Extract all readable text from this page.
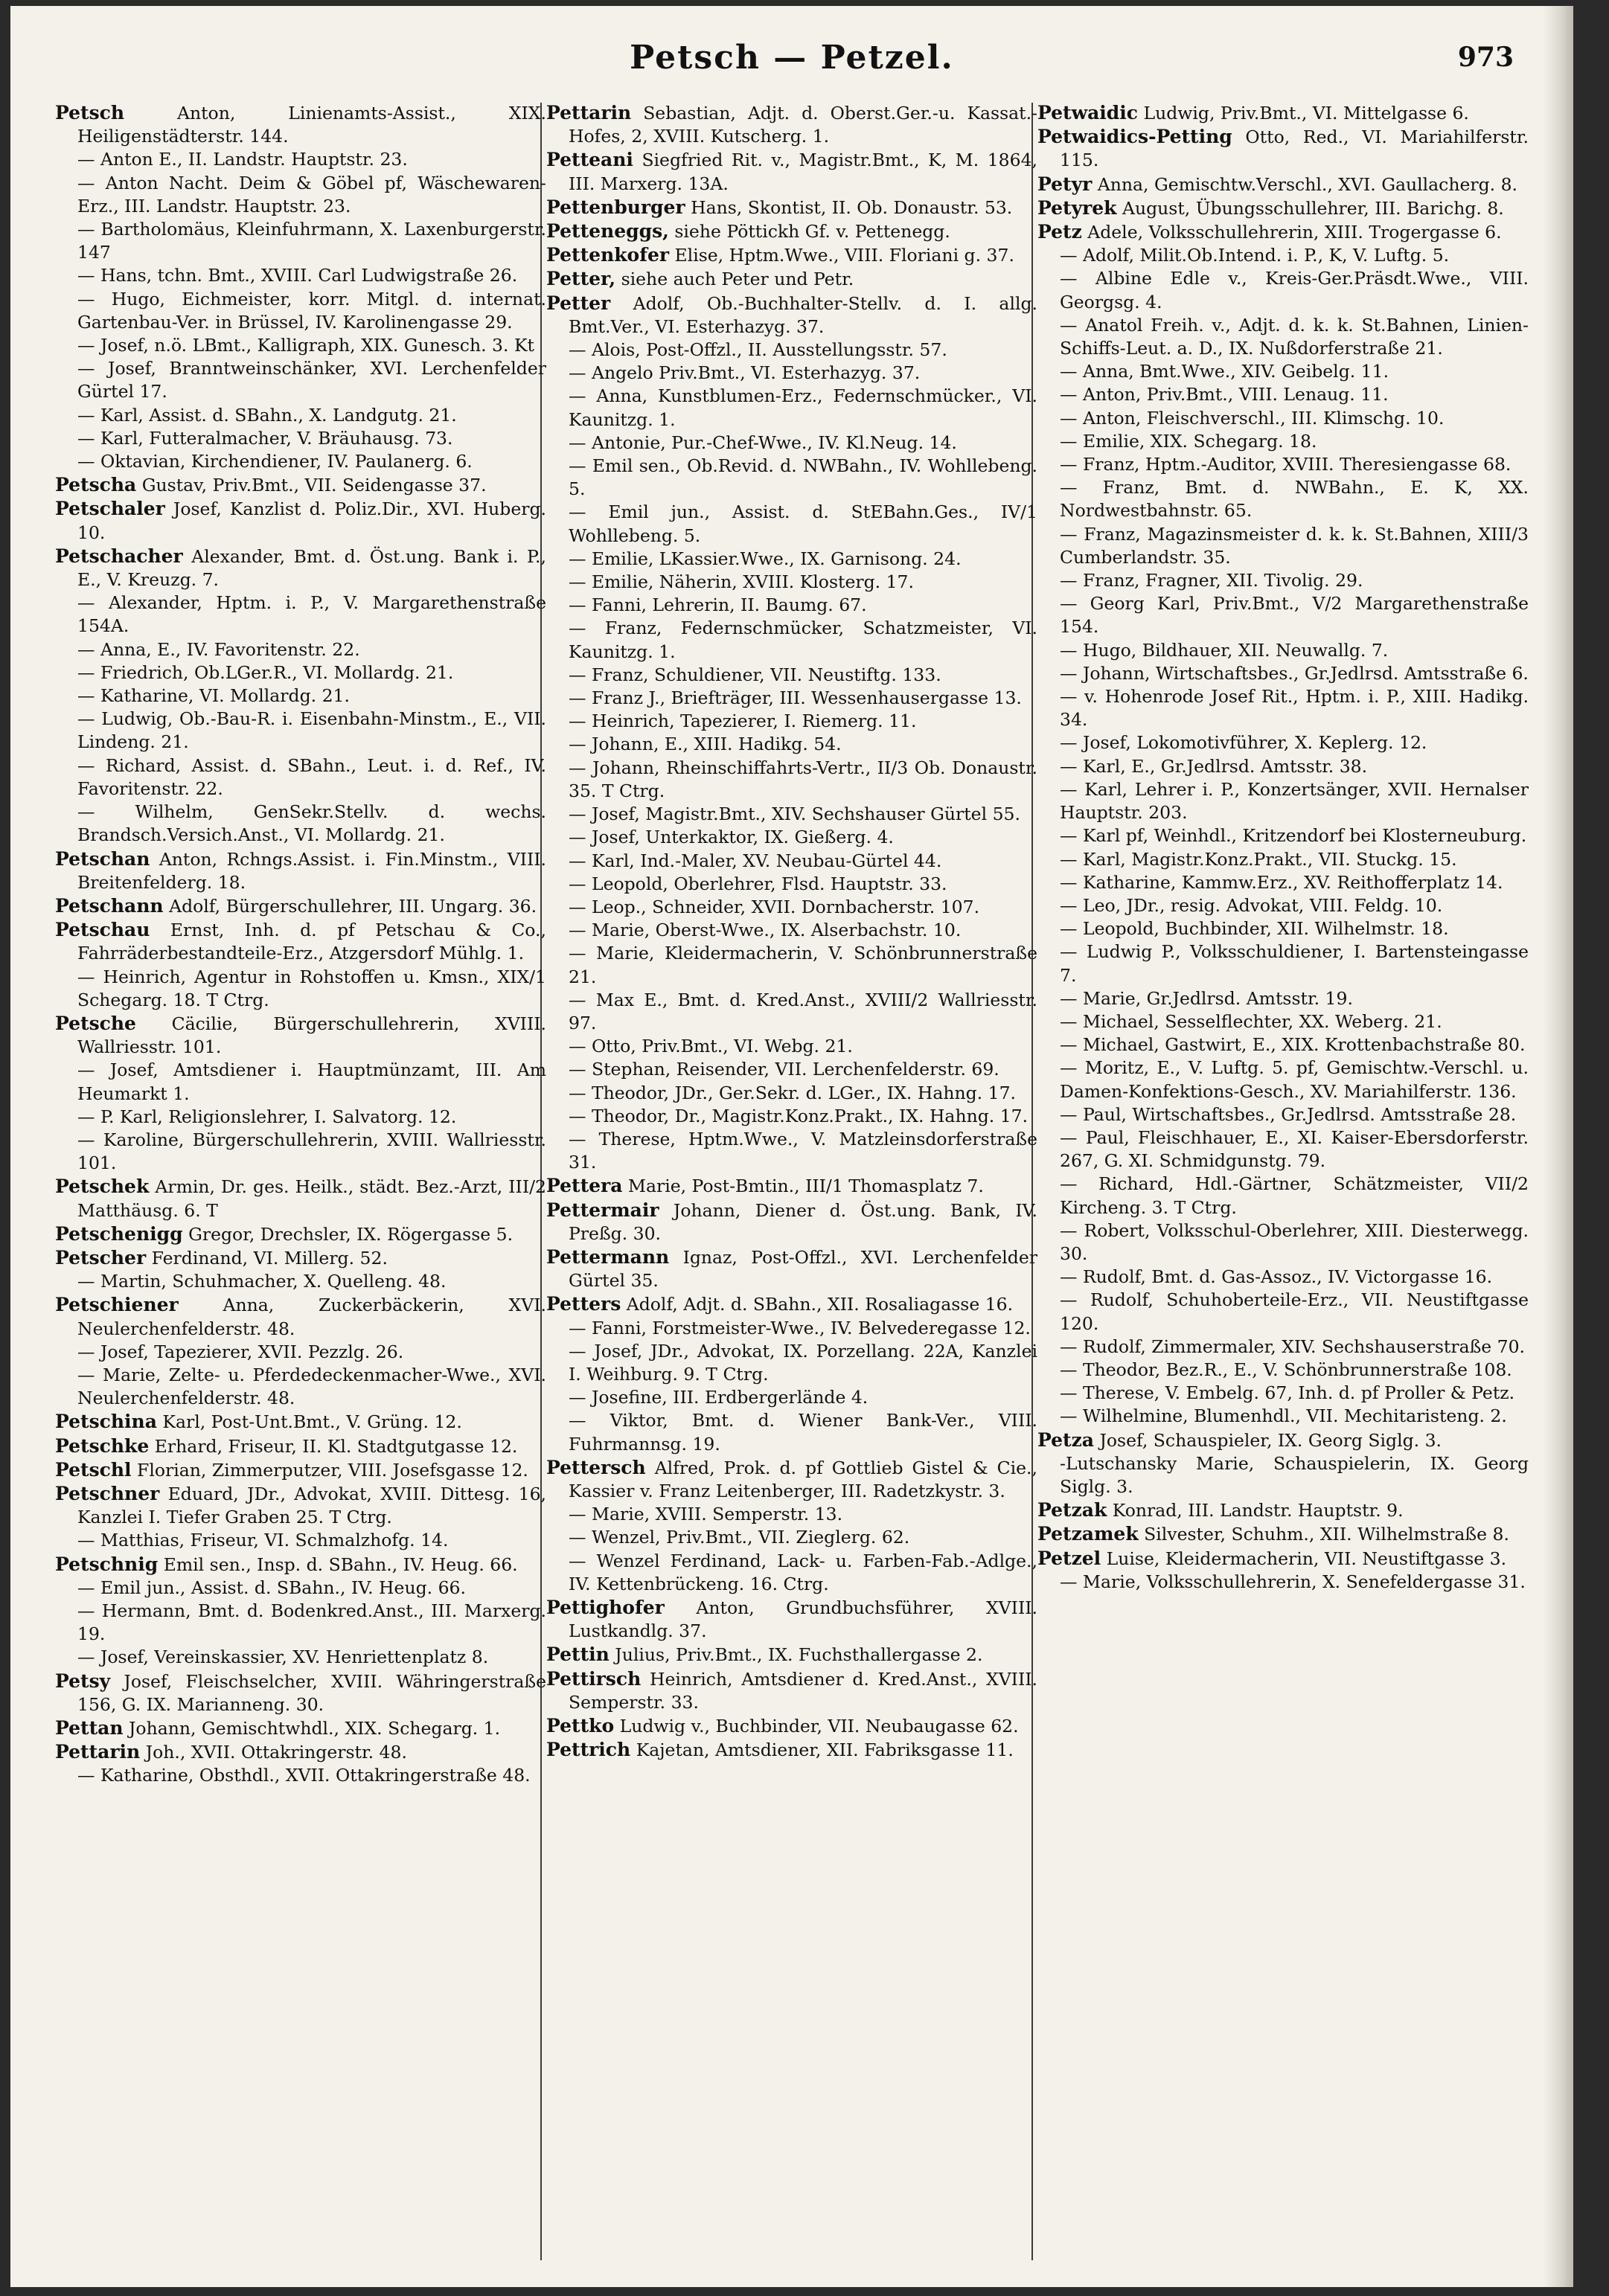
Petsch — Petzel.	973

Petsch	Anton, Linienamts-Assist., XIX. Heiligenstädterstr. 144.

— Anton E., II. Landstr. Hauptstr. 23.

— Anton Nacht. Deim & Göbel pf, Wäschewaren-Erz., III. Landstr. Hauptstr. 23.

— Bartholomäus, Kleinfuhrmann, X. Laxenburgerstr. 147

— Hans, tchn. Bmt., XVIII. Carl Ludwigstraße 26.

— Hugo, Eichmeister, korr. Mitgl. d. internat. Gartenbau-Ver. in Brüssel, IV. Karolinengasse 29.

— Josef, n.ö. LBmt., Kalligraph, XIX. Gunesch. 3. Kt

— Josef, Branntweinschänker, XVI. Lerchenfelder Gürtel 17.

— Karl, Assist. d. SBahn., X. Landgutg. 21.

— Karl, Futteralmacher, V. Bräuhausg. 73.

— Oktavian, Kirchendiener, IV. Paulanerg. 6.

Petscha Gustav, Priv.Bmt., VII. Seidengasse 37.

Petschaler Josef, Kanzlist d. Poliz.Dir., XVI. Huberg. 10.

Petschacher Alexander, Bmt. d. Öst.ung. Bank i. P., E., V. Kreuzg. 7.

— Alexander, Hptm. i. P., V. Margarethenstraße 154A.

— Anna, E., IV. Favoritenstr. 22.

— Friedrich, Ob.LGer.R., VI. Mollardg. 21.

— Katharine, VI. Mollardg. 21.

— Ludwig, Ob.-Bau-R. i. Eisenbahn-Minstm., E., VII. Lindeng. 21.

— Richard, Assist. d. SBahn., Leut. i. d. Ref., IV. Favoritenstr. 22.

— Wilhelm, GenSekr.Stellv. d. wechs. Brandsch.Versich.Anst., VI. Mollardg. 21.

Petschan Anton, Rchngs.Assist. i. Fin.Minstm., VIII. Breitenfelderg. 18.

Petschann Adolf, Bürgerschullehrer, III. Ungarg. 36.

Petschau Ernst, Inh. d. pf Petschau & Co., Fahrräderbestandteile-Erz., Atzgersdorf Mühlg. 1.

— Heinrich, Agentur in Rohstoffen u. Kmsn., XIX/1 Schegarg. 18. T Ctrg.

Petsche Cäcilie, Bürgerschullehrerin, XVIII. Wallriesstr. 101.

— Josef, Amtsdiener i. Hauptmünzamt, III. Am Heumarkt 1.

— P. Karl, Religionslehrer, I. Salvatorg. 12.

— Karoline, Bürgerschullehrerin, XVIII. Wallriesstr. 101.

Petschek Armin, Dr. ges. Heilk., städt. Bez.-Arzt, III/2 Matthäusg. 6. T

Petschenigg Gregor, Drechsler, IX. Rögergasse 5.

Petscher Ferdinand, VI. Millerg. 52.

— Martin, Schuhmacher, X. Quelleng. 48.

Petschiener	Anna, Zuckerbäckerin, XVI. Neulerchenfelderstr. 48.

— Josef, Tapezierer, XVII. Pezzlg. 26.

— Marie, Zelte- u. Pferdedeckenmacher-Wwe., XVI. Neulerchenfelderstr. 48.

Petschina Karl, Post-Unt.Bmt., V. Grüng. 12.

Petschke Erhard, Friseur, II. Kl. Stadtgutgasse 12.

Petschl Florian, Zimmerputzer, VIII. Josefsgasse 12.

Petschner Eduard, JDr., Advokat, XVIII. Dittesg. 16, Kanzlei I. Tiefer Graben 25. T Ctrg.

— Matthias, Friseur, VI. Schmalzhofg. 14.

Petschnig Emil sen., Insp. d. SBahn., IV. Heug. 66.

— Emil jun., Assist. d. SBahn., IV. Heug. 66.

— Hermann, Bmt. d. Bodenkred.Anst., III. Marxerg. 19.

— Josef, Vereinskassier, XV. Henriettenplatz 8.

Petsy Josef, Fleischselcher, XVIII. Währingerstraße 156, G. IX. Marianneng. 30.

Pettan Johann, Gemischtwhdl., XIX. Schegarg. 1.

Pettarin Joh., XVII. Ottakringerstr. 48.

— Katharine, Obsthdl., XVII. Ottakringerstraße 48.

Pettarin Sebastian, Adjt. d. Oberst.Ger.-u. Kassat.-Hofes, 2, XVIII. Kutscherg. 1.

Petteani Siegfried Rit. v., Magistr.Bmt., K, M. 1864, III. Marxerg. 13A.

Pettenburger Hans, Skontist, II. Ob. Donaustr. 53.

Petteneggs, siehe Pöttickh Gf. v. Pettenegg.

Pettenkofer Elise, Hptm.Wwe., VIII. Floriani g. 37.

Petter, siehe auch Peter und Petr.

Petter Adolf, Ob.-Buchhalter-Stellv. d. I. allg. Bmt.Ver., VI. Esterhazyg. 37.

— Alois, Post-Offzl., II. Ausstellungsstr. 57.

— Angelo Priv.Bmt., VI. Esterhazyg. 37.

— Anna, Kunstblumen-Erz., Federnschmücker., VI. Kaunitzg. 1.

— Antonie, Pur.-Chef-Wwe., IV. Kl.Neug. 14.

— Emil sen., Ob.Revid. d. NWBahn., IV. Wohllebeng. 5.

— Emil jun., Assist. d. StEBahn.Ges., IV/1 Wohllebeng. 5.

— Emilie, LKassier.Wwe., IX. Garnisong. 24.

— Emilie, Näherin, XVIII. Klosterg. 17.

— Fanni, Lehrerin, II. Baumg. 67.

— Franz, Federnschmücker, Schatzmeister, VI. Kaunitzg. 1.

— Franz, Schuldiener, VII. Neustiftg. 133.

— Franz J., Briefträger, III. Wessenhausergasse 13.

— Heinrich, Tapezierer, I. Riemerg. 11.

— Johann, E., XIII. Hadikg. 54.

— Johann, Rheinschiffahrts-Vertr., II/3 Ob. Donaustr. 35. T Ctrg.

— Josef, Magistr.Bmt., XIV. Sechshauser Gürtel 55.

— Josef, Unterkaktor, IX. Gießerg. 4.

— Karl, Ind.-Maler, XV. Neubau-Gürtel 44.

— Leopold, Oberlehrer, Flsd. Hauptstr. 33.

— Leop., Schneider, XVII. Dornbacherstr. 107.

— Marie, Oberst-Wwe., IX. Alserbachstr. 10.

— Marie, Kleidermacherin, V. Schönbrunnerstraße 21.

— Max E., Bmt. d. Kred.Anst., XVIII/2 Wallriesstr. 97.

— Otto, Priv.Bmt., VI. Webg. 21.

— Stephan, Reisender, VII. Lerchenfelderstr. 69.

— Theodor, JDr., Ger.Sekr. d. LGer., IX. Hahng. 17.

— Theodor, Dr., Magistr.Konz.Prakt., IX. Hahng. 17.

— Therese, Hptm.Wwe., V. Matzleinsdorferstraße 31.

Pettera Marie, Post-Bmtin., III/1 Thomasplatz 7.

Pettermair Johann, Diener d. Öst.ung. Bank, IV. Preßg. 30.

Pettermann Ignaz, Post-Offzl., XVI. Lerchenfelder Gürtel 35.

Petters Adolf, Adjt. d. SBahn., XII. Rosaliagasse 16.

— Fanni, Forstmeister-Wwe., IV. Belvederegasse 12.

— Josef, JDr., Advokat, IX. Porzellang. 22A, Kanzlei I. Weihburg. 9. T Ctrg.

— Josefine, III. Erdbergerlände 4.

— Viktor, Bmt. d. Wiener Bank-Ver., VIII. Fuhrmannsg. 19.

Pettersch Alfred, Prok. d. pf Gottlieb Gistel & Cie., Kassier v. Franz Leitenberger, III. Radetzkystr. 3.

— Marie, XVIII. Semperstr. 13.

— Wenzel, Priv.Bmt., VII. Zieglerg. 62.

— Wenzel Ferdinand, Lack- u. Farben-Fab.-Adlge., IV. Kettenbrückeng. 16. Ctrg.

Pettighofer Anton, Grundbuchsführer, XVIII. Lustkandlg. 37.

Pettin Julius, Priv.Bmt., IX. Fuchsthallergasse 2.

Pettirsch Heinrich, Amtsdiener d. Kred.Anst., XVIII. Semperstr. 33.

Pettko Ludwig v., Buchbinder, VII. Neubaugasse 62.

Pettrich Kajetan, Amtsdiener, XII. Fabriksgasse 11.

Petwaidic Ludwig, Priv.Bmt., VI. Mittelgasse 6.

Petwaidics-Petting Otto, Red., VI. Mariahilferstr. 115.

Petyr Anna, Gemischtw.Verschl., XVI. Gaullacherg. 8.

Petyrek August, Übungsschullehrer, III. Barichg. 8.

Petz Adele, Volksschullehrerin, XIII. Trogergasse 6.

— Adolf, Milit.Ob.Intend. i. P., K, V. Luftg. 5.

— Albine Edle v., Kreis-Ger.Präsdt.Wwe., VIII. Georgsg. 4.

— Anatol Freih. v., Adjt. d. k. k. St.Bahnen, Linien-Schiffs-Leut. a. D., IX. Nußdorferstraße 21.

— Anna, Bmt.Wwe., XIV. Geibelg. 11.

— Anton, Priv.Bmt., VIII. Lenaug. 11.

— Anton, Fleischverschl., III. Klimschg. 10.

— Emilie, XIX. Schegarg. 18.

— Franz, Hptm.-Auditor, XVIII. Theresiengasse 68.

— Franz, Bmt. d. NWBahn., E. K, XX. Nordwestbahnstr. 65.

— Franz, Magazinsmeister d. k. k. St.Bahnen, XIII/3 Cumberlandstr. 35.

— Franz, Fragner, XII. Tivolig. 29.

— Georg Karl, Priv.Bmt., V/2 Margarethenstraße 154.

— Hugo, Bildhauer, XII. Neuwallg. 7.

— Johann, Wirtschaftsbes., Gr.Jedlrsd. Amtsstraße 6.

— v. Hohenrode Josef Rit., Hptm. i. P., XIII. Hadikg. 34.

— Josef, Lokomotivführer, X. Keplerg. 12.

— Karl, E., Gr.Jedlrsd. Amtsstr. 38.

— Karl, Lehrer i. P., Konzertsänger, XVII. Hernalser Hauptstr. 203.

— Karl pf, Weinhdl., Kritzendorf bei Klosterneuburg.

— Karl, Magistr.Konz.Prakt., VII. Stuckg. 15.

— Katharine, Kammw.Erz., XV. Reithofferplatz 14.

— Leo, JDr., resig. Advokat, VIII. Feldg. 10.

— Leopold, Buchbinder, XII. Wilhelmstr. 18.

— Ludwig P., Volksschuldiener, I. Bartensteingasse 7.

— Marie, Gr.Jedlrsd. Amtsstr. 19.

— Michael, Sesselflechter, XX. Weberg. 21.

— Michael, Gastwirt, E., XIX. Krottenbachstraße 80.

— Moritz, E., V. Luftg. 5. pf, Gemischtw.-Verschl. u. Damen-Konfektions-Gesch., XV. Mariahilferstr. 136.

— Paul, Wirtschaftsbes., Gr.Jedlrsd. Amtsstraße 28.

— Paul, Fleischhauer, E., XI. Kaiser-Ebersdorferstr. 267, G. XI. Schmidgunstg. 79.

— Richard, Hdl.-Gärtner, Schätzmeister, VII/2 Kircheng. 3. T Ctrg.

— Robert, Volksschul-Oberlehrer, XIII. Diesterwegg. 30.

— Rudolf, Bmt. d. Gas-Assoz., IV. Victorgasse 16.

— Rudolf, Schuhoberteile-Erz., VII. Neustiftgasse 120.

— Rudolf, Zimmermaler, XIV. Sechshauserstraße 70.

— Theodor, Bez.R., E., V. Schönbrunnerstraße 108.

— Therese, V. Embelg. 67, Inh. d. pf Proller & Petz.

— Wilhelmine, Blumenhdl., VII. Mechitaristeng. 2.

Petza Josef, Schauspieler, IX. Georg Siglg. 3.

-Lutschansky Marie, Schauspielerin, IX. Georg Siglg. 3.

Petzak Konrad, III. Landstr. Hauptstr. 9.

Petzamek Silvester, Schuhm., XII. Wilhelmstraße 8.

Petzel Luise, Kleidermacherin, VII. Neustiftgasse 3.

— Marie, Volksschullehrerin, X. Senefeldergasse 31.
